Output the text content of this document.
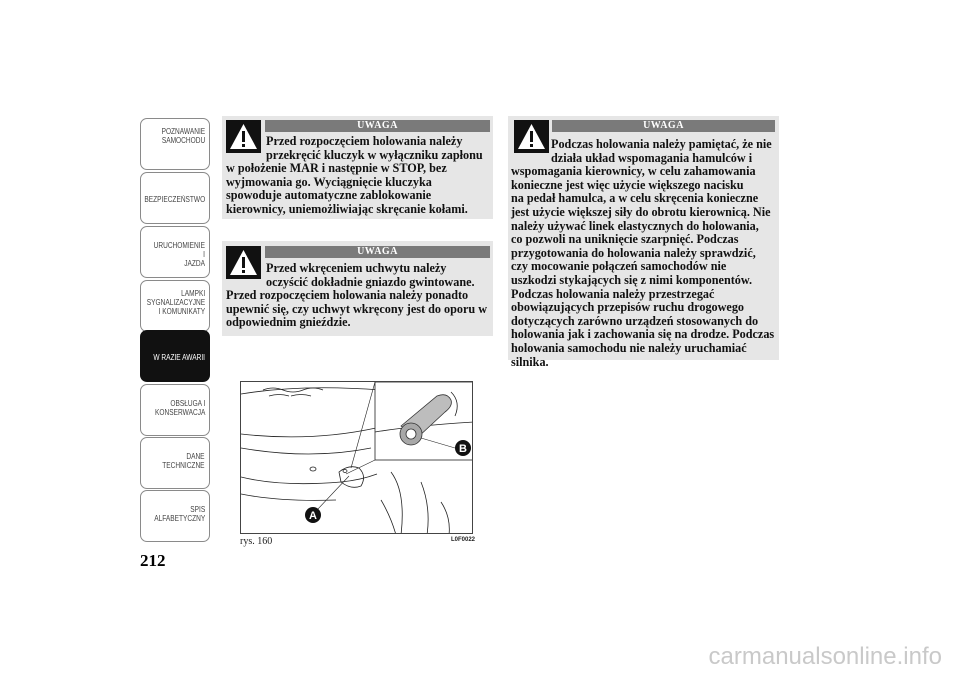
POZNAWANIE
SAMOCHODU
BEZPIECZEŃSTWO
URUCHOMIENIE I
JAZDA
LAMPKI
SYGNALIZACYJNE
I KOMUNIKATY
W RAZIE AWARII
OBSŁUGA I
KONSERWACJA
DANE
TECHNICZNE
SPIS
ALFABETYCZNY
212
UWAGA
Przed rozpoczęciem holowania należy
przekręcić kluczyk w wyłączniku zapłonu
w położenie MAR i następnie w STOP, bez
wyjmowania go. Wyciągnięcie kluczyka
spowoduje automatyczne zablokowanie
kierownicy, uniemożliwiając skręcanie kołami.
UWAGA
Przed wkręceniem uchwytu należy
oczyścić dokładnie gniazdo gwintowane.
Przed rozpoczęciem holowania należy ponadto
upewnić się, czy uchwyt wkręcony jest do oporu w
odpowiednim gnieździe.
UWAGA
Podczas holowania należy pamiętać, że nie
działa układ wspomagania hamulców i
wspomagania kierownicy, w celu zahamowania
konieczne jest więc użycie większego nacisku
na pedał hamulca, a w celu skręcenia konieczne
jest użycie większej siły do obrotu kierownicą. Nie
należy używać linek elastycznych do holowania,
co pozwoli na uniknięcie szarpnięć. Podczas
przygotowania do holowania należy sprawdzić,
czy mocowanie połączeń samochodów nie
uszkodzi stykających się z nimi komponentów.
Podczas holowania należy przestrzegać
obowiązujących przepisów ruchu drogowego
dotyczących zarówno urządzeń stosowanych do
holowania jak i zachowania się na drodze. Podczas
holowania samochodu nie należy uruchamiać
silnika.
B
A
rys. 160	L0F0022
carmanualsonline.info
